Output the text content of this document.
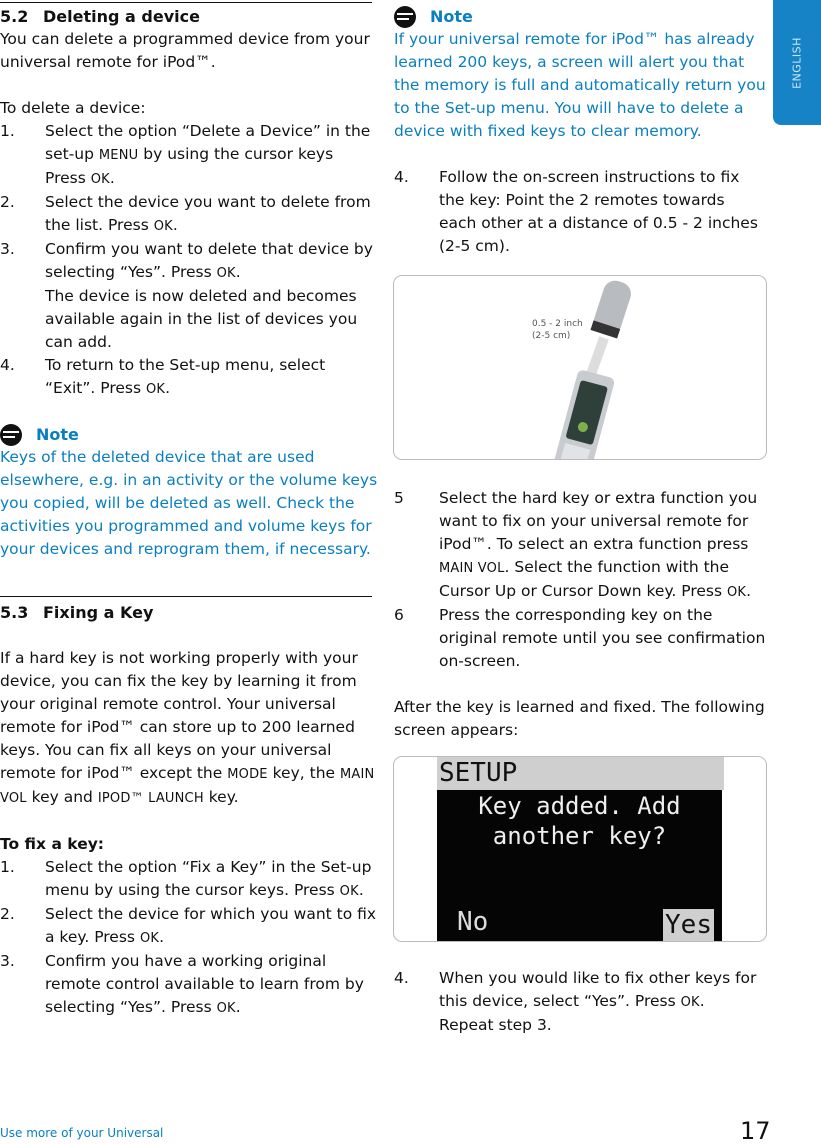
ENGLISH
5.2 Deleting a device
You can delete a programmed device from your universal remote for iPod™.
To delete a device:
1.	Select the option “Delete a Device” in the set-up MENU by using the cursor keys Press OK.
2.	Select the device you want to delete from the list. Press OK.
3.	Confirm you want to delete that device by selecting “Yes”. Press OK.
The device is now deleted and becomes available again in the list of devices you can add.
4.	To return to the Set-up menu, select “Exit”. Press OK.
Note
Keys of the deleted device that are used elsewhere, e.g. in an activity or the volume keys you copied, will be deleted as well. Check the activities you programmed and volume keys for your devices and reprogram them, if necessary.
5.3 Fixing a Key
If a hard key is not working properly with your device, you can fix the key by learning it from your original remote control. Your universal remote for iPod™ can store up to 200 learned keys. You can fix all keys on your universal remote for iPod™ except the MODE key, the MAIN VOL key and IPOD™ LAUNCH key.
To fix a key:
1.	Select the option “Fix a Key” in the Set-up menu by using the cursor keys. Press OK.
2.	Select the device for which you want to fix a key. Press OK.
3.	Confirm you have a working original remote control available to learn from by selecting “Yes”. Press OK.
Note
If your universal remote for iPod™ has already learned 200 keys, a screen will alert you that the memory is full and automatically return you to the Set-up menu. You will have to delete a device with fixed keys to clear memory.
4.	Follow the on-screen instructions to fix the key: Point the 2 remotes towards each other at a distance of 0.5 - 2 inches (2-5 cm).
0.5 - 2 inch
(2-5 cm)
5	Select the hard key or extra function you want to fix on your universal remote for iPod™. To select an extra function press MAIN VOL. Select the function with the Cursor Up or Cursor Down key. Press OK.
6	Press the corresponding key on the original remote until you see confirmation on-screen.
After the key is learned and fixed. The following screen appears:
SETUP
Key added. Add
another key?
No	Yes
4.	When you would like to fix other keys for this device, select “Yes”. Press OK.
Repeat step 3.
Use more of your Universal	17
